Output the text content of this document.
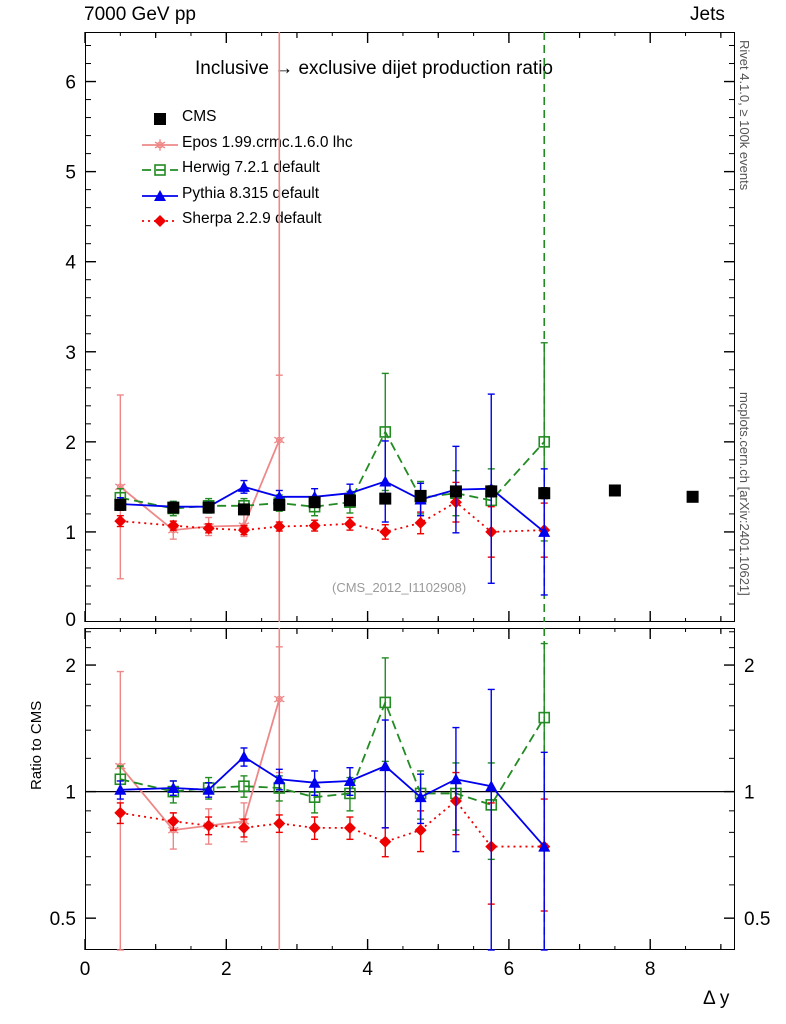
7000 GeV pp	Jets
Rivet 4.1.0, ≥ 100k events
mcplots.cern.ch [arXiv:2401.10621]
Inclusive → exclusive dijet production ratio
(CMS_2012_I1102908)
Δ y
Ratio to CMS
CMS
Epos 1.99.crmc.1.6.0 lhc
Herwig 7.2.1 default
Pythia 8.315 default
Sherpa 2.2.9 default
0	2	4	6	8
1
2
3
4
5
6
0
0.5	0.5
1	1
2	2
